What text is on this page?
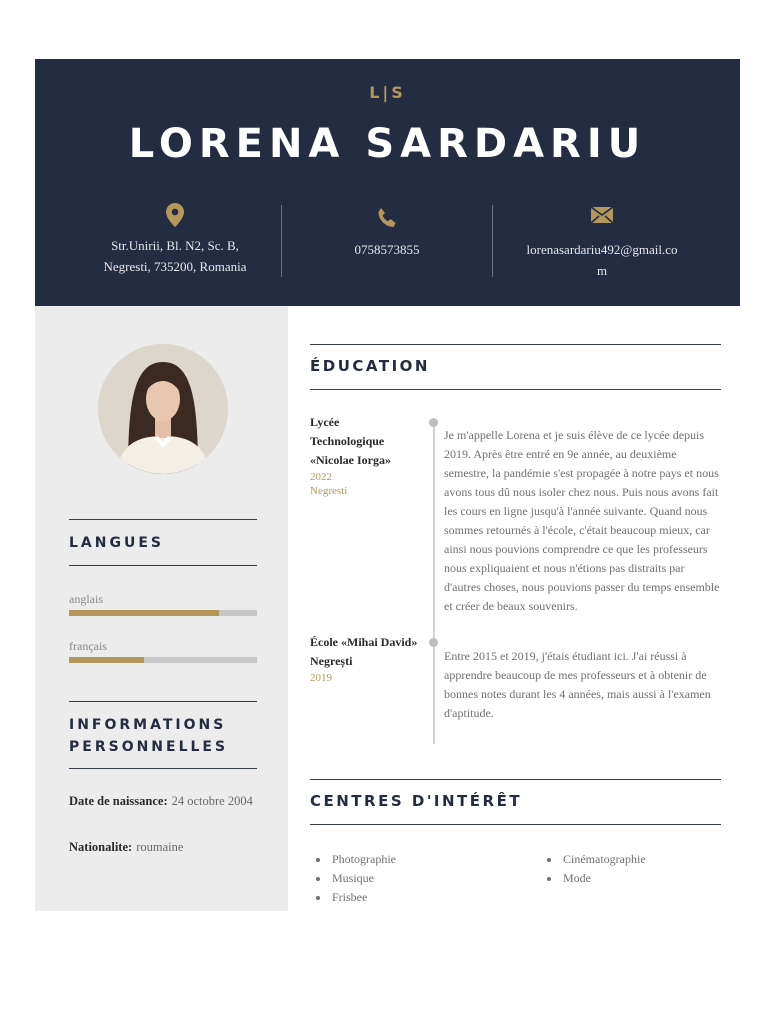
L|S
LORENA SARDARIU
Str.Unirii, Bl. N2, Sc. B,
Negresti, 735200, Romania
0758573855	lorenasardariu492@gmail.co
m
LANGUES
anglais
français
INFORMATIONS
PERSONNELLES
Date de naissance: 24 octobre 2004
Nationalite: roumaine
ÉDUCATION
Lycée
Technologique
«Nicolae Iorga»
2022
Negresti
Je m'appelle Lorena et je suis élève de ce lycée depuis 2019. Après être entré en 9e année, au deuxième semestre, la pandémie s'est propagée à notre pays et nous avons tous dû nous isoler chez nous. Puis nous avons fait les cours en ligne jusqu'à l'année suivante. Quand nous sommes retournés à l'école, c'était beaucoup mieux, car ainsi nous pouvions comprendre ce que les professeurs nous expliquaient et nous n'étions pas distraits par d'autres choses, nous pouvions passer du temps ensemble et créer de beaux souvenirs.
École «Mihai David»
Negrești
2019
Entre 2015 et 2019, j'étais étudiant ici. J'ai réussi à apprendre beaucoup de mes professeurs et à obtenir de bonnes notes durant les 4 années, mais aussi à l'examen d'aptitude.
CENTRES D'INTÉRÊT
• Photographie
• Musique
• Frisbee
• Cinématographie
• Mode
